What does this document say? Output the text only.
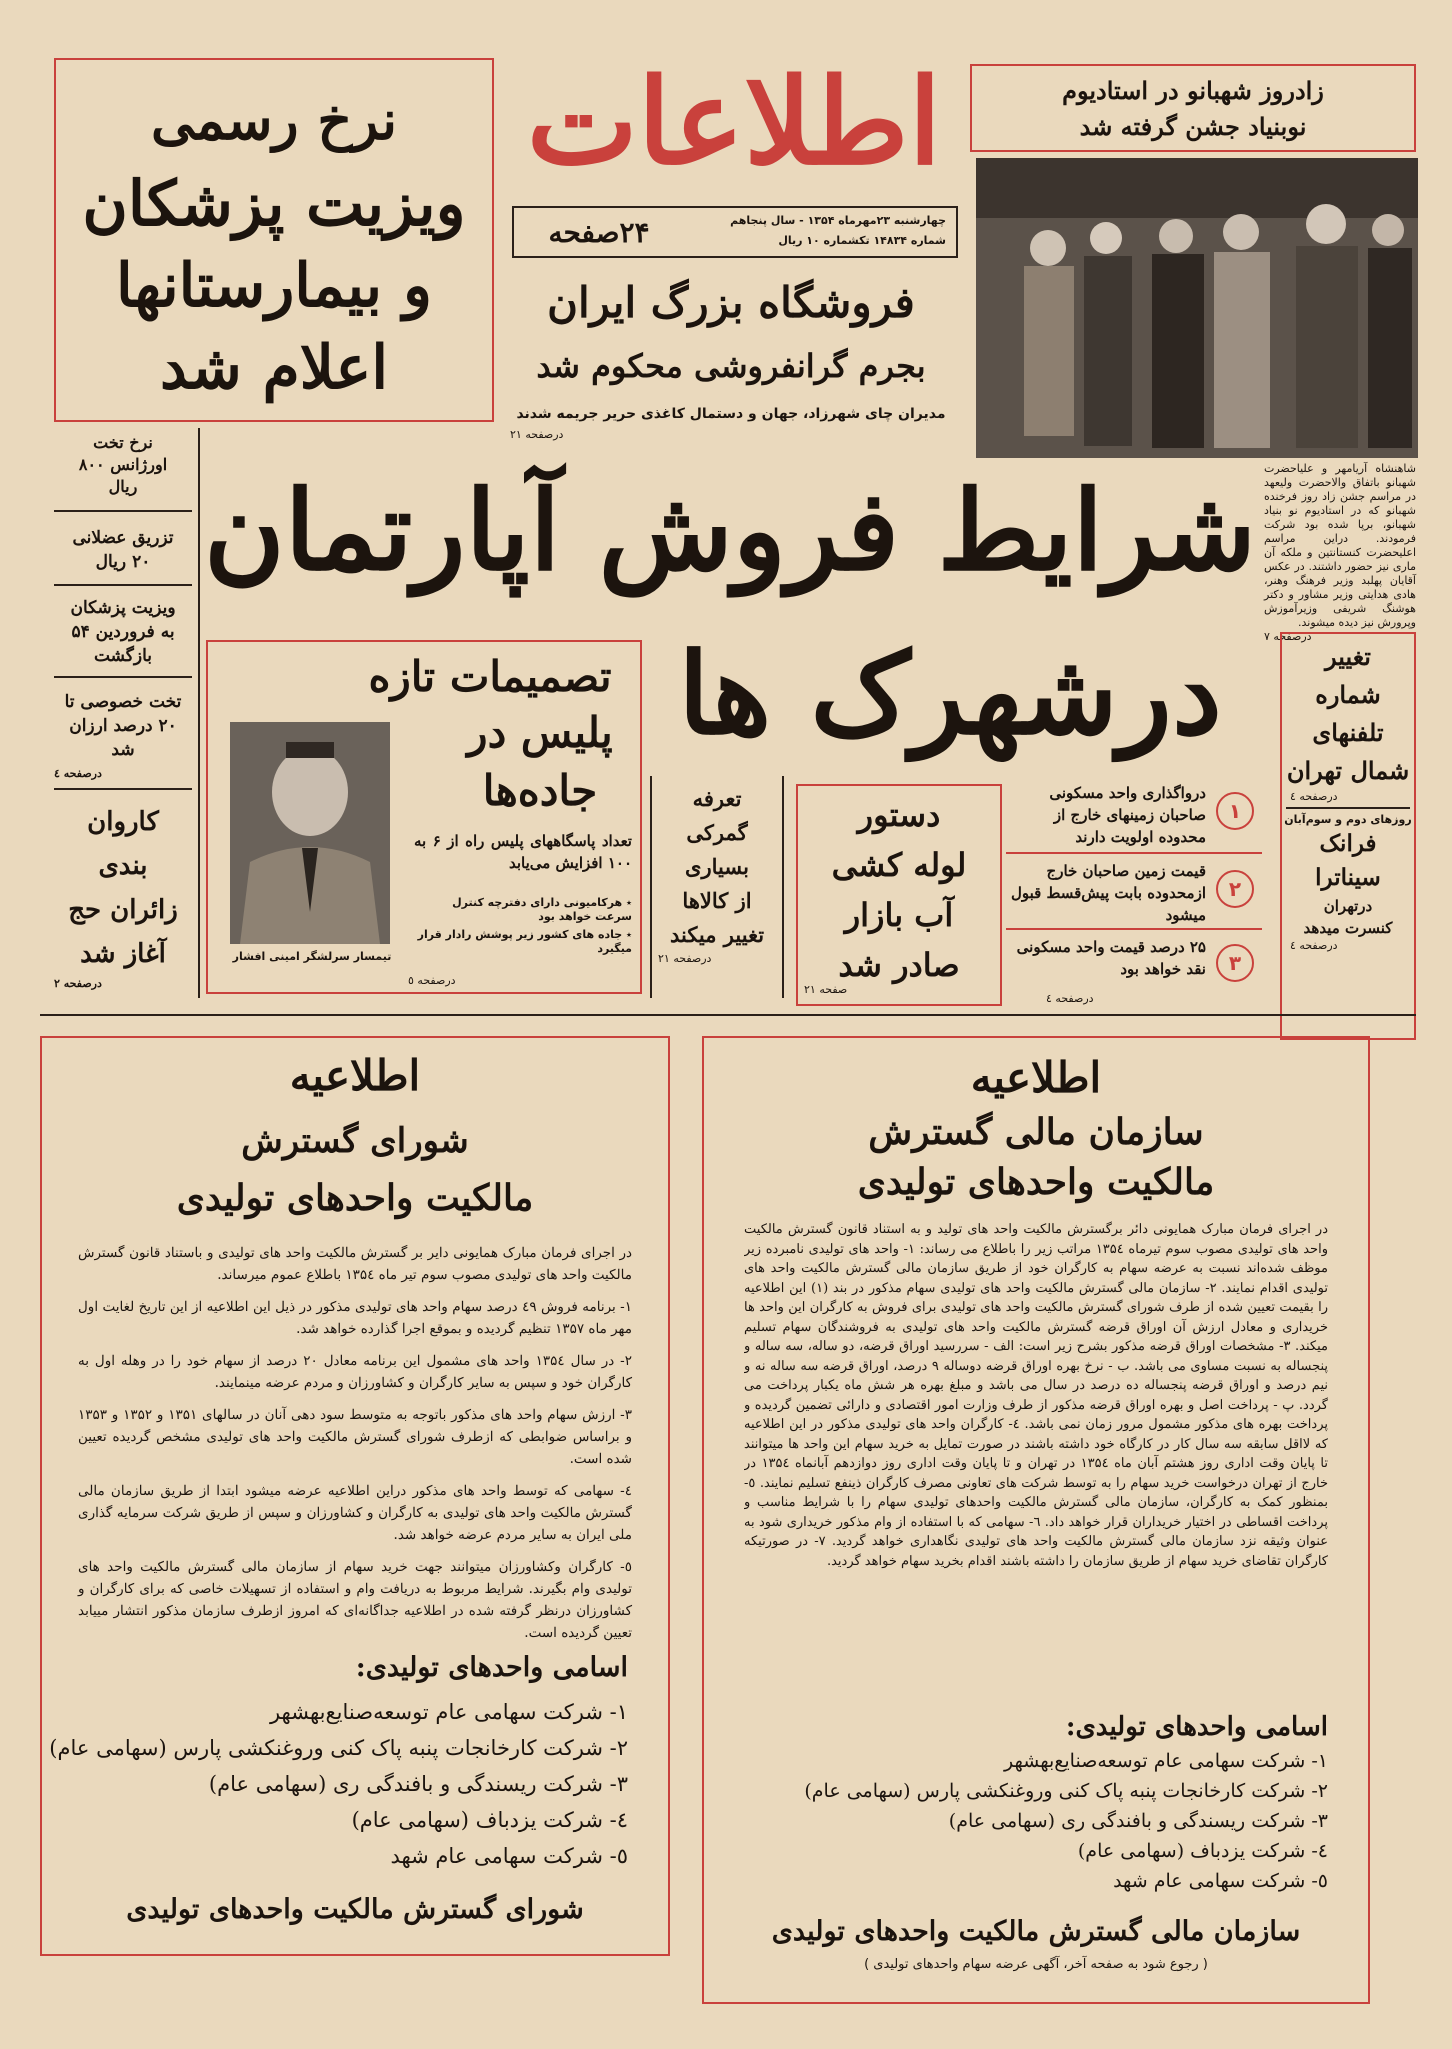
نرخ رسمی
ویزیت پزشکان
و بیمارستانها
اعلام شد
نرخ تخت
اورژانس ۸۰۰
ریال
تزریق عضلانی
۲۰ ریال
ویزیت پزشکان
به فروردین ۵۴
بازگشت
تخت خصوصی تا
۲۰ درصد ارزان
شد
درصفحه ٤
کاروان
بندی
زائران حج
آغاز شد
درصفحه ۲
اطلاعات
چهارشنبه ۲۳مهرماه ۱۳۵۴ - سال پنجاهم
شماره ۱۴۸۳۴ تکشماره ۱۰ ریال
۲۴صفحه
فروشگاه بزرگ ایران
بجرم گرانفروشی محکوم شد
مدیران چای شهرزاد، جهان و دستمال کاغذی حریر جریمه شدند
درصفحه ۲۱
زادروز شهبانو در استادیوم
نوبنیاد جشن گرفته شد
شاهنشاه آریامهر و علیاحضرت شهبانو باتفاق والاحضرت ولیعهد در مراسم جشن زاد روز فرخنده شهبانو که در استادیوم نو بنیاد شهبانو، برپا شده بود شرکت فرمودند. دراین مراسم اعلیحضرت کنستانتین و ملکه آن ماری نیز حضور داشتند. در عکس آقایان پهلبد وزیر فرهنگ وهنر، هادی هدایتی وزیر مشاور و دکتر هوشنگ شریفی وزیرآموزش وپرورش نیز دیده میشوند.
درصفحه ۷
شرایط فروش آپارتمان
درشهرک ها
تصمیمات تازه
پلیس در
جاده‌ها
تعداد پاسگاههای پلیس راه از ۶ به ۱۰۰ افزایش می‌یابد
٭ هرکامیونی دارای دفترچه کنترل سرعت خواهد بود
٭ جاده های کشور زیر پوشش رادار قرار میگیرد
تیمسار سرلشگر امینی افشار
درصفحه ٥
تعرفه
گمرکی
بسیاری
از کالاها
تغییر میکند
درصفحه ۲۱
دستور
لوله کشی
آب بازار
صادر شد
صفحه ۲۱
۱
درواگذاری واحد مسکونی صاحبان زمینهای خارج از محدوده اولویت دارند
۲
قیمت زمین صاحبان خارج ازمحدوده بابت پیش‌قسط قبول میشود
۳
۲۵ درصد قیمت واحد مسکونی نقد خواهد بود
درصفحه ٤
تغییر
شماره
تلفنهای
شمال تهران
درصفحه ٤
روزهای دوم و سوم‌آبان
فرانک
سیناترا
درتهران
کنسرت میدهد
درصفحه ٤
اطلاعیه
سازمان مالی گسترش
مالکیت واحدهای تولیدی
در اجرای فرمان مبارک همایونی دائر برگسترش مالکیت واحد های تولید و به استناد قانون گسترش مالکیت واحد های تولیدی مصوب سوم تیرماه ۱۳۵٤ مراتب زیر را باطلاع می رساند: ۱- واحد های تولیدی نامبرده زیر موظف شده‌اند نسبت به عرضه سهام به کارگران خود از طریق سازمان مالی گسترش مالکیت واحد های تولیدی اقدام نمایند. ۲- سازمان مالی گسترش مالکیت واحد های تولیدی سهام مذکور در بند (۱) این اطلاعیه را بقیمت تعیین شده از طرف شورای گسترش مالکیت واحد های تولیدی برای فروش به کارگران این واحد ها خریداری و معادل ارزش آن اوراق قرضه گسترش مالکیت واحد های تولیدی به فروشندگان سهام تسلیم میکند. ۳- مشخصات اوراق قرضه مذکور بشرح زیر است: الف - سررسید اوراق قرضه، دو ساله، سه ساله و پنجساله به نسبت مساوی می باشد. ب - نرخ بهره اوراق قرضه دوساله ۹ درصد، اوراق قرضه سه ساله نه و نیم درصد و اوراق قرضه پنجساله ده درصد در سال می باشد و مبلغ بهره هر شش ماه یکبار پرداخت می گردد. پ - پرداخت اصل و بهره اوراق قرضه مذکور از طرف وزارت امور اقتصادی و دارائی تضمین گردیده و پرداخت بهره های مذکور مشمول مرور زمان نمی باشد. ٤- کارگران واحد های تولیدی مذکور در این اطلاعیه که لااقل سابقه سه سال کار در کارگاه خود داشته باشند در صورت تمایل به خرید سهام این واحد ها میتوانند تا پایان وقت اداری روز هشتم آبان ماه ۱۳۵٤ در تهران و تا پایان وقت اداری روز دوازدهم آبانماه ۱۳۵٤ در خارج از تهران درخواست خرید سهام را به توسط شرکت های تعاونی مصرف کارگران ذینفع تسلیم نمایند. ٥- بمنظور کمک به کارگران، سازمان مالی گسترش مالکیت واحدهای تولیدی سهام را با شرایط مناسب و پرداخت اقساطی در اختیار خریداران قرار خواهد داد. ٦- سهامی که با استفاده از وام مذکور خریداری شود به عنوان وثیقه نزد سازمان مالی گسترش مالکیت واحد های تولیدی نگاهداری خواهد گردید. ۷- در صورتیکه کارگران تقاضای خرید سهام از طریق سازمان را داشته باشند اقدام بخرید سهام خواهد گردید.
اسامی واحدهای تولیدی:
۱- شرکت سهامی عام توسعه‌صنایع‌بهشهر
۲- شرکت کارخانجات پنبه پاک کنی وروغنکشی پارس (سهامی عام)
۳- شرکت ریسندگی و بافندگی ری (سهامی عام)
٤- شرکت یزدباف (سهامی عام)
٥- شرکت سهامی عام شهد
سازمان مالی گسترش مالکیت واحدهای تولیدی
( رجوع شود به صفحه آخر، آگهی عرضه سهام واحدهای تولیدی )
اطلاعیه
شورای گسترش
مالکیت واحدهای تولیدی

در اجرای فرمان مبارک همایونی دایر بر گسترش مالکیت واحد های تولیدی و باستناد قانون گسترش مالکیت واحد های تولیدی مصوب سوم تیر ماه ۱۳۵٤ باطلاع عموم میرساند.

۱- برنامه فروش ٤۹ درصد سهام واحد های تولیدی مذکور در ذیل این اطلاعیه از این تاریخ لغایت اول مهر ماه ۱۳۵۷ تنظیم گردیده و بموقع اجرا گذارده خواهد شد.

۲- در سال ۱۳۵٤ واحد های مشمول این برنامه معادل ۲۰ درصد از سهام خود را در وهله اول به کارگران خود و سپس به سایر کارگران و کشاورزان و مردم عرضه مینمایند.

۳- ارزش سهام واحد های مذکور باتوجه به متوسط سود دهی آنان در سالهای ۱۳۵۱ و ۱۳۵۲ و ۱۳۵۳ و براساس ضوابطی که ازطرف شورای گسترش مالکیت واحد های تولیدی مشخص گردیده تعیین شده است.

٤- سهامی که توسط واحد های مذکور دراین اطلاعیه عرضه میشود ابتدا از طریق سازمان مالی گسترش مالکیت واحد های تولیدی به کارگران و کشاورزان و سپس از طریق شرکت سرمایه گذاری ملی ایران به سایر مردم عرضه خواهد شد.

٥- کارگران وکشاورزان میتوانند جهت خرید سهام از سازمان مالی گسترش مالکیت واحد های تولیدی وام بگیرند. شرایط مربوط به دریافت وام و استفاده از تسهیلات خاصی که برای کارگران و کشاورزان درنظر گرفته شده در اطلاعیه جداگانه‌ای که امروز ازطرف سازمان مذکور انتشار مییابد تعیین گردیده است.

اسامی واحدهای تولیدی:
۱- شرکت سهامی عام توسعه‌صنایع‌بهشهر
۲- شرکت کارخانجات پنبه پاک کنی وروغنکشی پارس (سهامی عام)
۳- شرکت ریسندگی و بافندگی ری (سهامی عام)
٤- شرکت یزدباف (سهامی عام)
٥- شرکت سهامی عام شهد
شورای گسترش مالکیت واحدهای تولیدی
